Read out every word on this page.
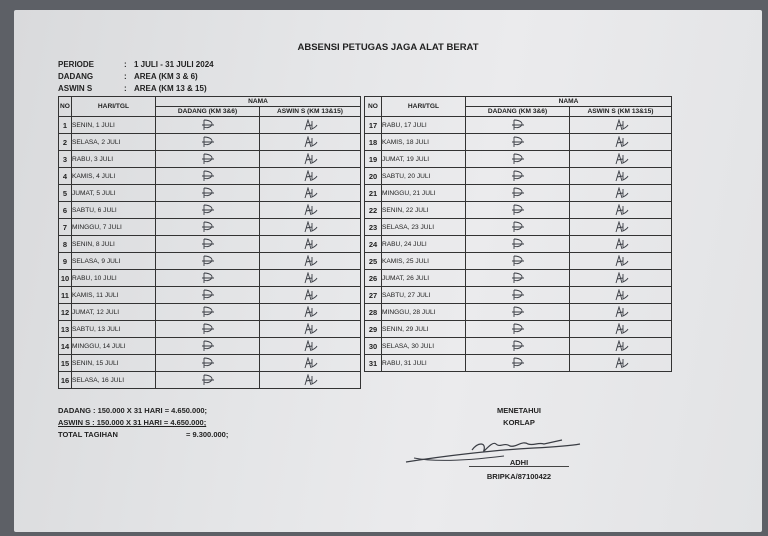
ABSENSI PETUGAS JAGA ALAT BERAT
PERIODE	: 1 JULI - 31 JULI 2024
DADANG	: AREA (KM 3 & 6)
ASWIN S	: AREA (KM 13 & 15)
NO	HARI/TGL	NAMA	
		DADANG (KM 3&6)	ASWIN S (KM 13&15)
1	SENIN, 1 JULI	

2	SELASA, 2 JULI	

3	RABU, 3 JULI	

4	KAMIS, 4 JULI	

5	JUMAT, 5 JULI	

6	SABTU, 6 JULI	

7	MINGGU, 7 JULI	

8	SENIN, 8 JULI	

9	SELASA, 9 JULI	

10	RABU, 10 JULI	

11	KAMIS, 11 JULI	

12	JUMAT, 12 JULI	

13	SABTU, 13 JULI	

14	MINGGU, 14 JULI	

15	SENIN, 15 JULI	

16	SELASA, 16 JULI	

NO	HARI/TGL	NAMA	
		DADANG (KM 3&6)	ASWIN S (KM 13&15)
17	RABU, 17 JULI	

18	KAMIS, 18 JULI	

19	JUMAT, 19 JULI	

20	SABTU, 20 JULI	

21	MINGGU, 21 JULI	

22	SENIN, 22 JULI	

23	SELASA, 23 JULI	

24	RABU, 24 JULI	

25	KAMIS, 25 JULI	

26	JUMAT, 26 JULI	

27	SABTU, 27 JULI	

28	MINGGU, 28 JULI	

29	SENIN, 29 JULI	

30	SELASA, 30 JULI	

31	RABU, 31 JULI	

DADANG : 150.000 X 31 HARI = 4.650.000;
ASWIN S : 150.000 X 31 HARI = 4.650.000;
TOTAL TAGIHAN	= 9.300.000;
MENETAHUI
KORLAP
ADHI
BRIPKA/87100422
